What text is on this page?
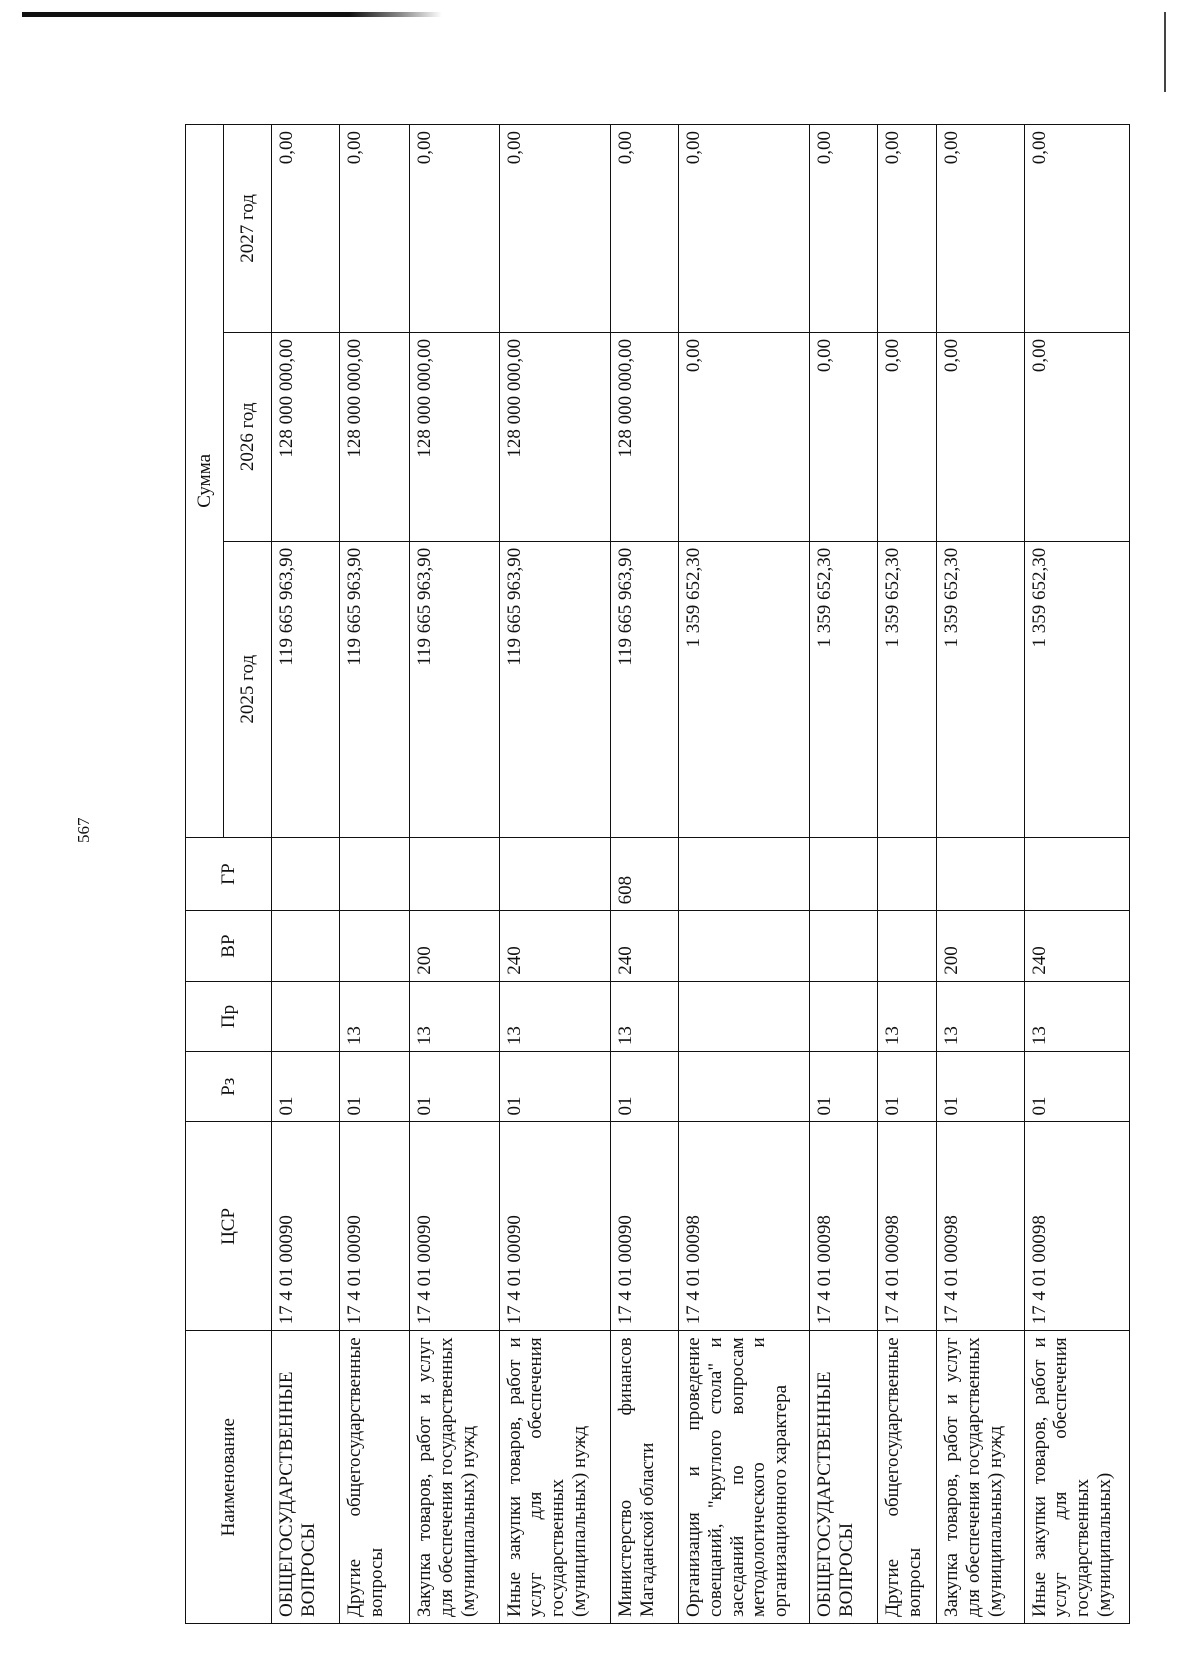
567
Наименование	ЦСР	Рз	Пр	ВР	ГР	Сумма		
						2025 год	2026 год	2027 год
ОБЩЕГОСУДАРСТВЕННЫЕ ВОПРОСЫ	17 4 01 00090	01				119 665 963,90	128 000 000,00	0,00
Другие общегосударственные вопросы	17 4 01 00090	01	13			119 665 963,90	128 000 000,00	0,00
Закупка товаров, работ и услуг для обеспечения государственных (муниципальных) нужд	17 4 01 00090	01	13	200		119 665 963,90	128 000 000,00	0,00
Иные закупки товаров, работ и услуг для обеспечения государственных (муниципальных) нужд	17 4 01 00090	01	13	240		119 665 963,90	128 000 000,00	0,00
Министерство финансов Магаданской области	17 4 01 00090	01	13	240	608	119 665 963,90	128 000 000,00	0,00
Организация и проведение совещаний, "круглого стола" и заседаний по вопросам методологического и организационного характера	17 4 01 00098					1 359 652,30	0,00	0,00
ОБЩЕГОСУДАРСТВЕННЫЕ ВОПРОСЫ	17 4 01 00098	01				1 359 652,30	0,00	0,00
Другие общегосударственные вопросы	17 4 01 00098	01	13			1 359 652,30	0,00	0,00
Закупка товаров, работ и услуг для обеспечения государственных (муниципальных) нужд	17 4 01 00098	01	13	200		1 359 652,30	0,00	0,00
Иные закупки товаров, работ и услуг для обеспечения государственных (муниципальных)	17 4 01 00098	01	13	240		1 359 652,30	0,00	0,00
